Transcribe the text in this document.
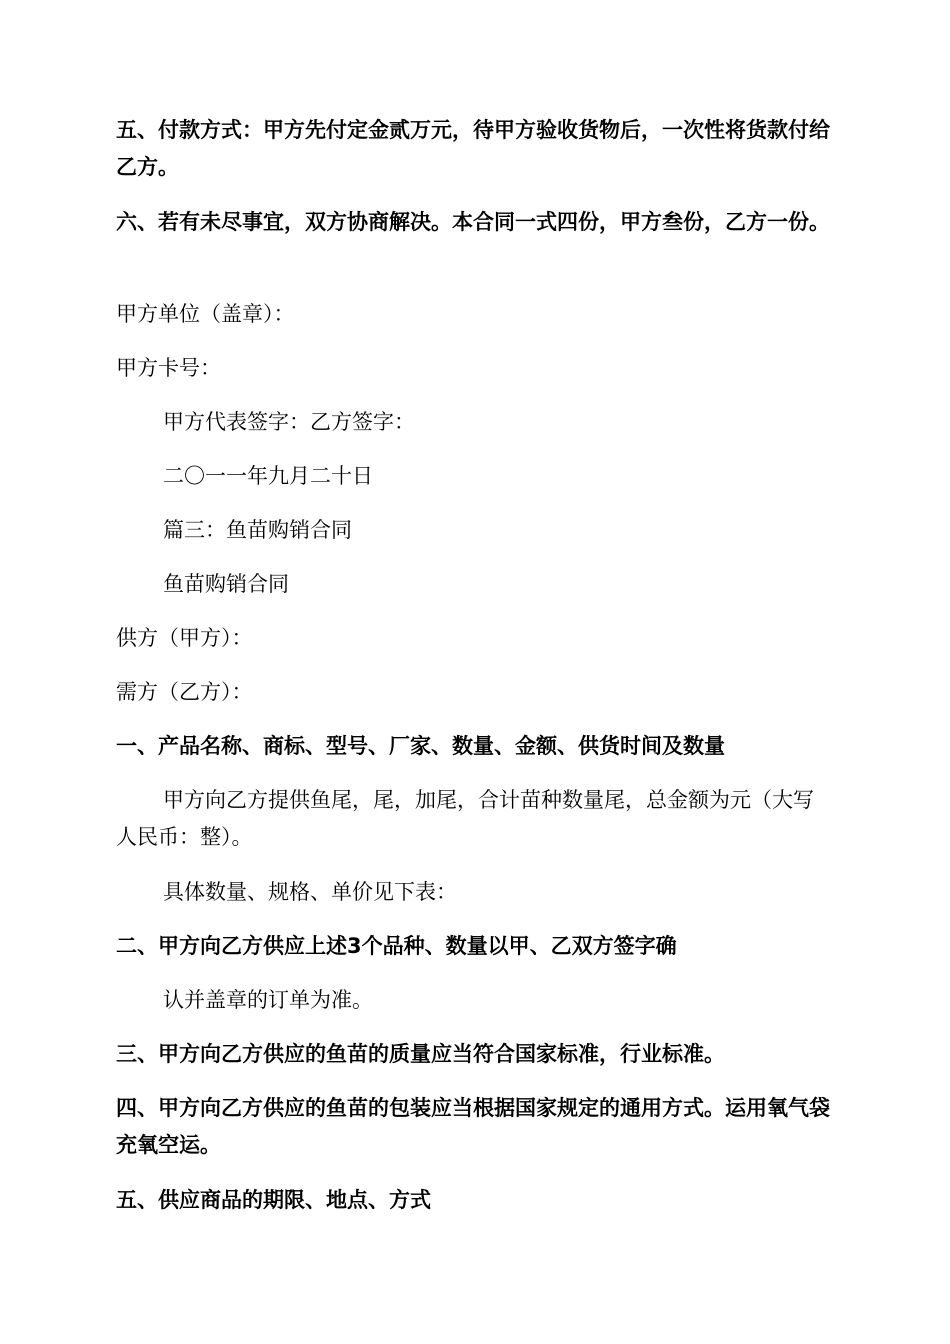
五、付款方式：甲方先付定金贰万元，待甲方验收货物后，一次性将货款付给乙方。

六、若有未尽事宜，双方协商解决。本合同一式四份，甲方叁份，乙方一份。

甲方单位（盖章）：

甲方卡号：

甲方代表签字：乙方签字：

二〇一一年九月二十日

篇三：鱼苗购销合同

鱼苗购销合同

供方（甲方）：

需方（乙方）：

一、产品名称、商标、型号、厂家、数量、金额、供货时间及数量

甲方向乙方提供鱼尾，尾，加尾，合计苗种数量尾，总金额为元（大写人民币：整）。

具体数量、规格、单价见下表：

二、甲方向乙方供应上述3个品种、数量以甲、乙双方签字确

认并盖章的订单为准。

三、甲方向乙方供应的鱼苗的质量应当符合国家标准，行业标准。

四、甲方向乙方供应的鱼苗的包装应当根据国家规定的通用方式。运用氧气袋充氧空运。

五、供应商品的期限、地点、方式
